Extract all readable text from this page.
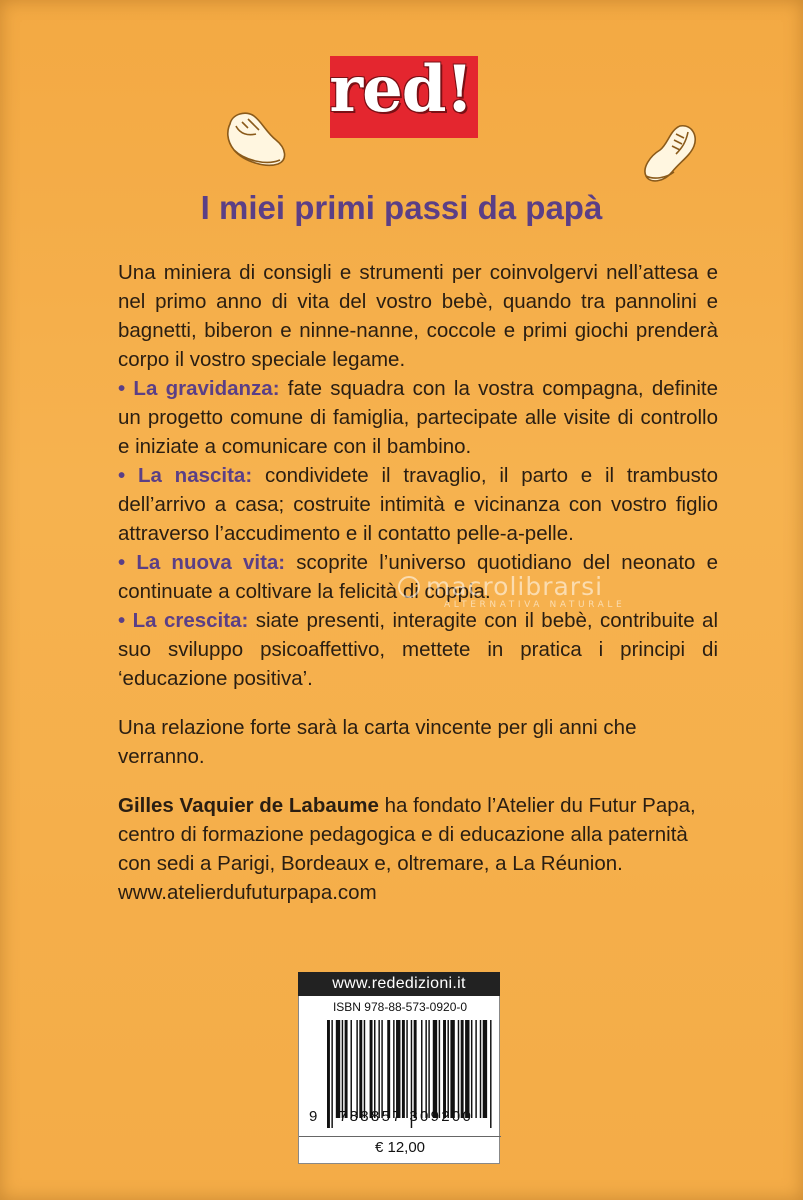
red!
I miei primi passi da papà

Una miniera di consigli e strumenti per coinvolgervi nell’attesa e nel primo anno di vita del vostro bebè, quando tra pannolini e bagnetti, biberon e ninne-nanne, coccole e primi giochi prenderà corpo il vostro speciale legame.

• La gravidanza: fate squadra con la vostra compagna, definite un progetto comune di famiglia, partecipate alle visite di controllo e iniziate a comunicare con il bambino.

• La nascita: condividete il travaglio, il parto e il trambusto dell’arrivo a casa; costruite intimità e vicinanza con vostro figlio attraverso l’accudimento e il contatto pelle-a-pelle.

• La nuova vita: scoprite l’universo quotidiano del neonato e continuate a coltivare la felicità di coppia.

• La crescita: siate presenti, interagite con il bebè, contribuite al suo sviluppo psicoaffettivo, mettete in pratica i principi di ‘educazione positiva’.

Una relazione forte sarà la carta vincente per gli anni che verranno.

Gilles Vaquier de Labaume ha fondato l’Atelier du Futur Papa, centro di formazione pedagogica e di educazione alla paternità con sedi a Parigi, Bordeaux e, oltremare, a La Réunion.

www.atelierdufuturpapa.com

macrolibrarsi
ALTERNATIVA NATURALE
www.rededizioni.it
ISBN 978-88-573-0920-0
9 788857 309200
€ 12,00
